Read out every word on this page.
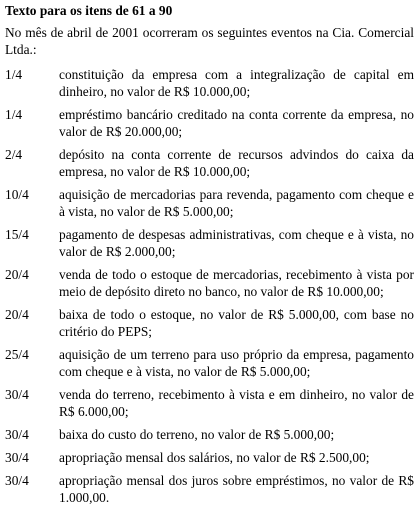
Texto para os itens de 61 a 90
No mês de abril de 2001 ocorreram os seguintes eventos na Cia. Comercial Ltda.:
1/4	constituição da empresa com a integralização de capital em dinheiro, no valor de R$ 10.000,00;
1/4	empréstimo bancário creditado na conta corrente da empresa, no valor de R$ 20.000,00;
2/4	depósito na conta corrente de recursos advindos do caixa da empresa, no valor de R$ 10.000,00;
10/4	aquisição de mercadorias para revenda, pagamento com cheque e à vista, no valor de R$ 5.000,00;
15/4	pagamento de despesas administrativas, com cheque e à vista, no valor de R$ 2.000,00;
20/4	venda de todo o estoque de mercadorias, recebimento à vista por meio de depósito direto no banco, no valor de R$ 10.000,00;
20/4	baixa de todo o estoque, no valor de R$ 5.000,00, com base no critério do PEPS;
25/4	aquisição de um terreno para uso próprio da empresa, pagamento com cheque e à vista, no valor de R$ 5.000,00;
30/4	venda do terreno, recebimento à vista e em dinheiro, no valor de R$ 6.000,00;
30/4	baixa do custo do terreno, no valor de R$ 5.000,00;
30/4	apropriação mensal dos salários, no valor de R$ 2.500,00;
30/4	apropriação mensal dos juros sobre empréstimos, no valor de R$ 1.000,00.
